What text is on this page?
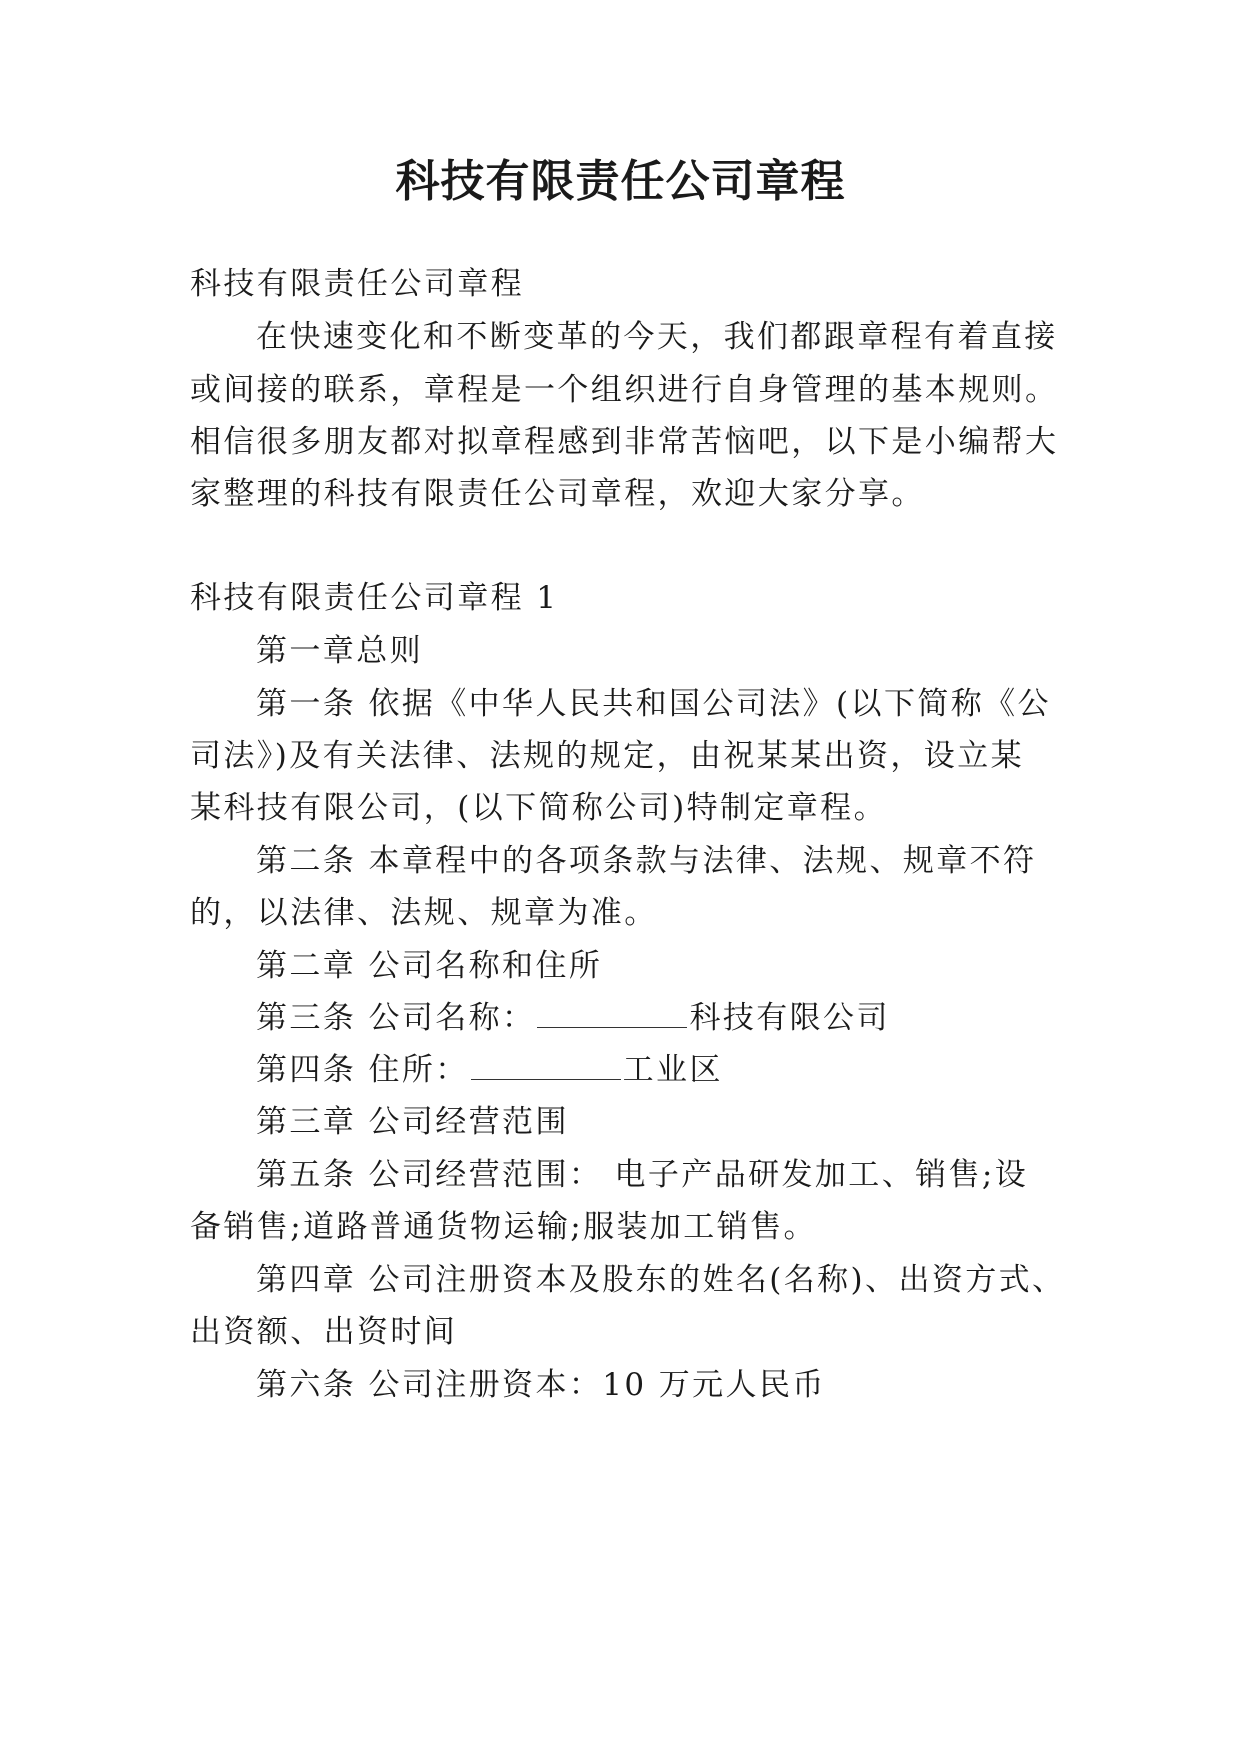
科技有限责任公司章程

科技有限责任公司章程

在快速变化和不断变革的今天，我们都跟章程有着直接

或间接的联系，章程是一个组织进行自身管理的基本规则。

相信很多朋友都对拟章程感到非常苦恼吧，以下是小编帮大

家整理的科技有限责任公司章程，欢迎大家分享。

科技有限责任公司章程 1

第一章总则

第一条 依据《中华人民共和国公司法》(以下简称《公

司法》)及有关法律、法规的规定，由祝某某出资，设立某

某科技有限公司，(以下简称公司)特制定章程。

第二条 本章程中的各项条款与法律、法规、规章不符

的，以法律、法规、规章为准。

第二章 公司名称和住所

第三条 公司名称：	科技有限公司

第四条 住所：	工业区

第三章 公司经营范围

第五条 公司经营范围： 电子产品研发加工、销售;设

备销售;道路普通货物运输;服装加工销售。

第四章 公司注册资本及股东的姓名(名称)、出资方式、

出资额、出资时间

第六条 公司注册资本：10 万元人民币
